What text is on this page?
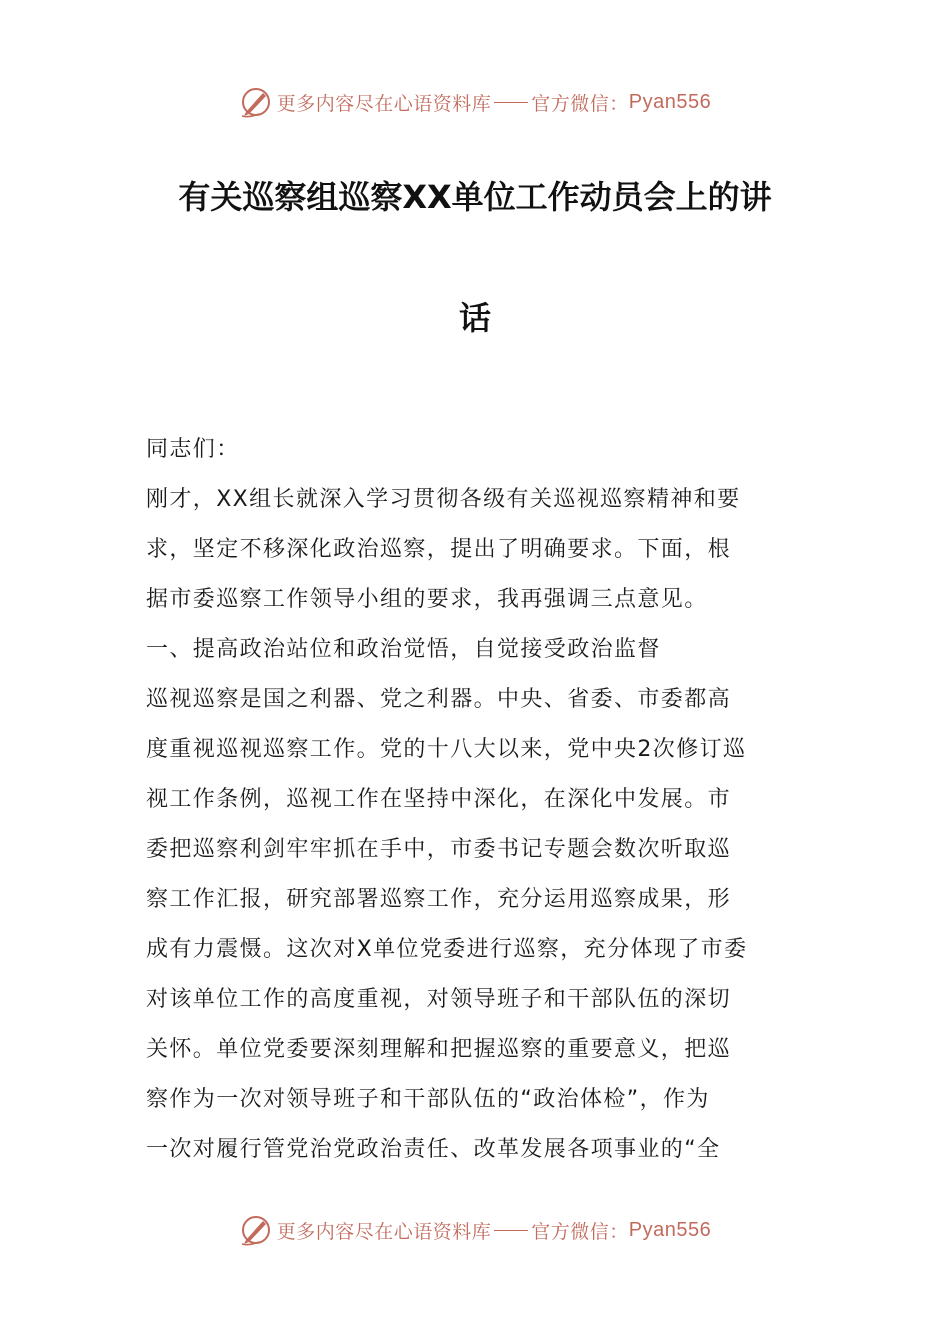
更多内容尽在心语资料库 官方微信： Pyan556
有关巡察组巡察XX单位工作动员会上的讲
话
同志们：
刚才，XX组长就深入学习贯彻各级有关巡视巡察精神和要
求，坚定不移深化政治巡察，提出了明确要求。下面，根
据市委巡察工作领导小组的要求，我再强调三点意见。
一、提高政治站位和政治觉悟，自觉接受政治监督
巡视巡察是国之利器、党之利器。中央、省委、市委都高
度重视巡视巡察工作。党的十八大以来，党中央2次修订巡
视工作条例，巡视工作在坚持中深化，在深化中发展。市
委把巡察利剑牢牢抓在手中，市委书记专题会数次听取巡
察工作汇报，研究部署巡察工作，充分运用巡察成果，形
成有力震慑。这次对X单位党委进行巡察，充分体现了市委
对该单位工作的高度重视，对领导班子和干部队伍的深切
关怀。单位党委要深刻理解和把握巡察的重要意义，把巡
察作为一次对领导班子和干部队伍的“政治体检”，作为
一次对履行管党治党政治责任、改革发展各项事业的“全
更多内容尽在心语资料库 官方微信： Pyan556
